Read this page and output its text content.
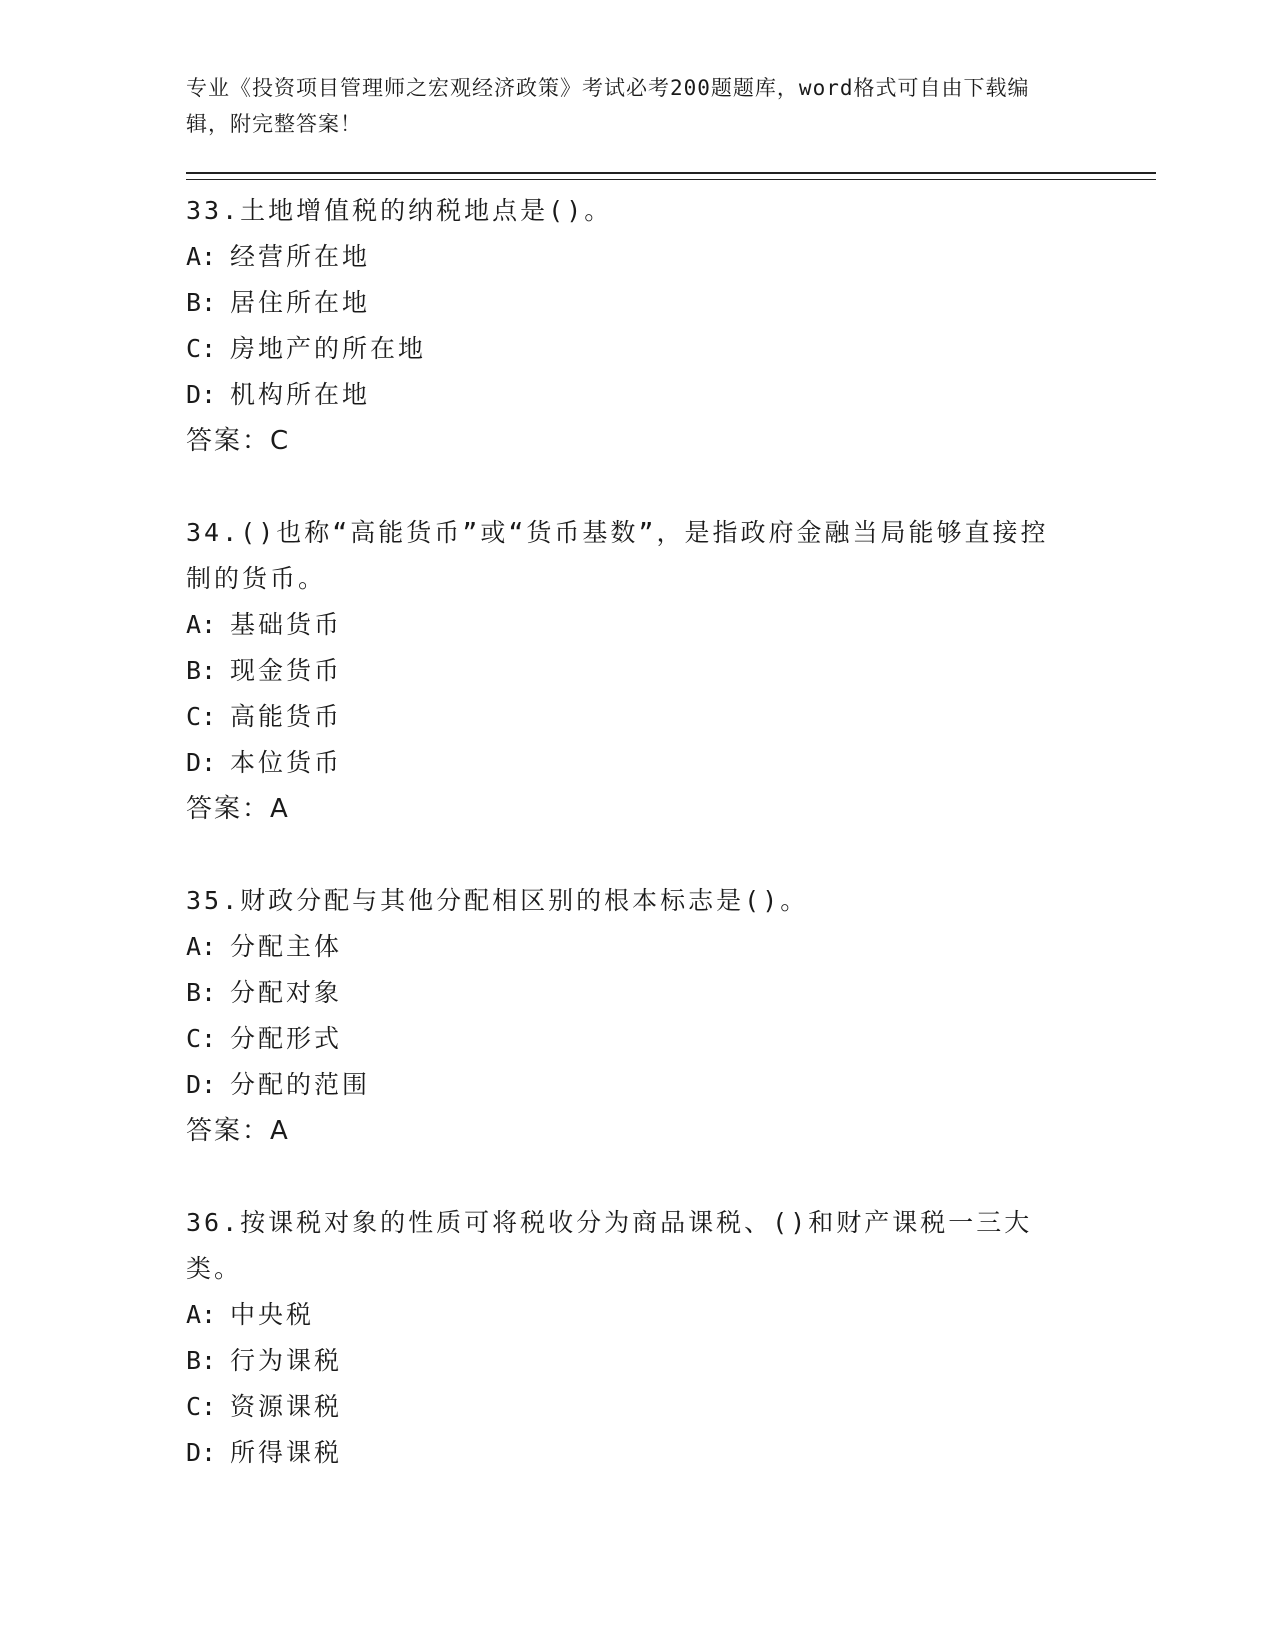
专业《投资项目管理师之宏观经济政策》考试必考200题题库，word格式可自由下载编辑，附完整答案！

33.土地增值税的纳税地点是()。

A: 经营所在地

B: 居住所在地

C: 房地产的所在地

D: 机构所在地

答案：C

34.()也称“高能货币”或“货币基数”，是指政府金融当局能够直接控制的货币。

A: 基础货币

B: 现金货币

C: 高能货币

D: 本位货币

答案：A

35.财政分配与其他分配相区别的根本标志是()。

A: 分配主体

B: 分配对象

C: 分配形式

D: 分配的范围

答案：A

36.按课税对象的性质可将税收分为商品课税、()和财产课税一三大类。

A: 中央税

B: 行为课税

C: 资源课税

D: 所得课税
